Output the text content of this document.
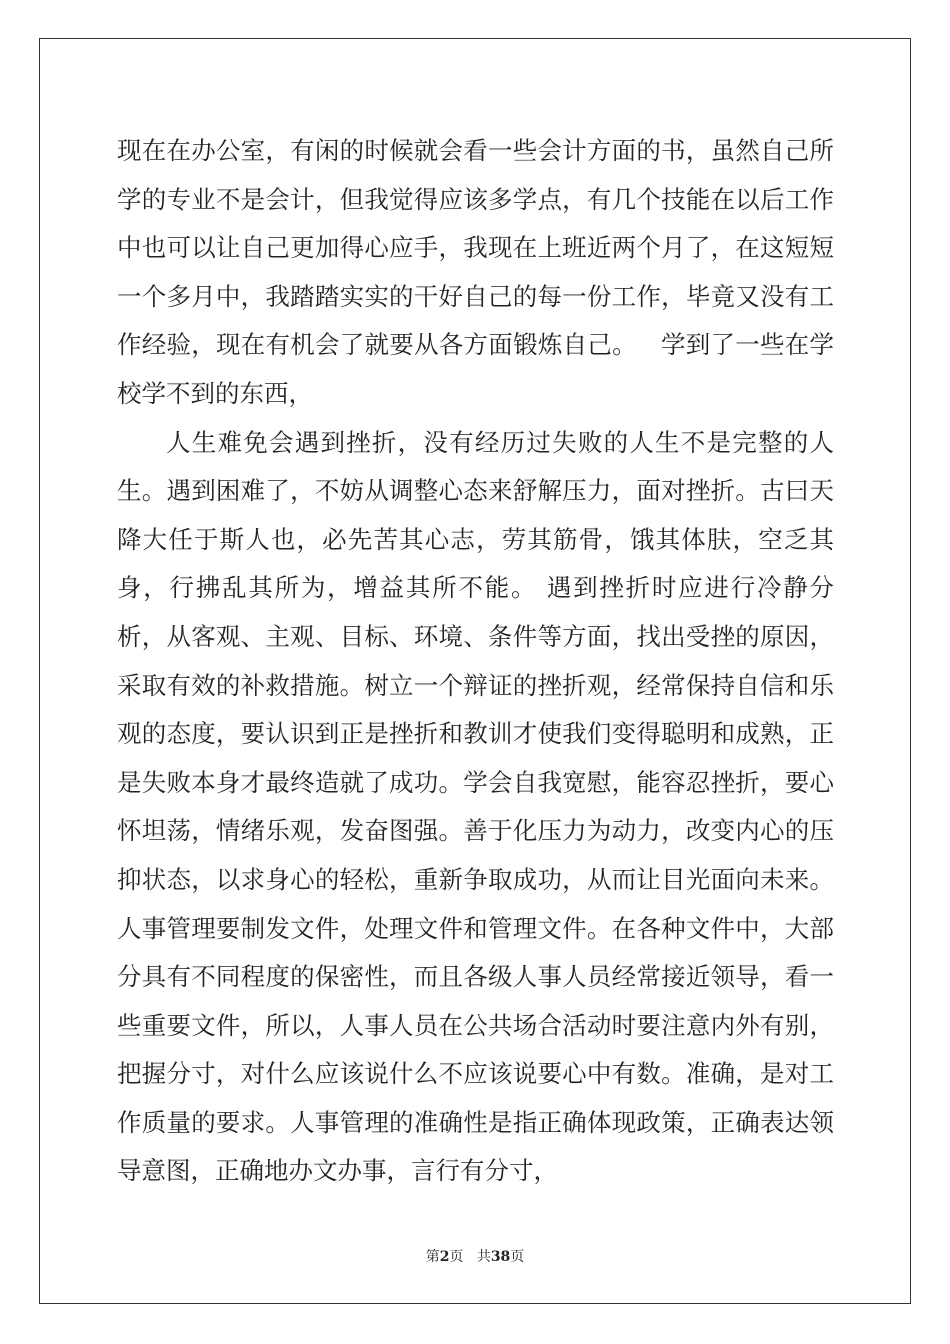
现在在办公室，有闲的时候就会看一些会计方面的书，虽然自己所学的专业不是会计，但我觉得应该多学点，有几个技能在以后工作中也可以让自己更加得心应手，我现在上班近两个月了，在这短短一个多月中，我踏踏实实的干好自己的每一份工作，毕竟又没有工作经验，现在有机会了就要从各方面锻炼自己。   学到了一些在学校学不到的东西，

人生难免会遇到挫折，没有经历过失败的人生不是完整的人生。遇到困难了，不妨从调整心态来舒解压力，面对挫折。古曰天降大任于斯人也，必先苦其心志，劳其筋骨，饿其体肤，空乏其身，行拂乱其所为，增益其所不能。 遇到挫折时应进行冷静分析，从客观、主观、目标、环境、条件等方面，找出受挫的原因，采取有效的补救措施。树立一个辩证的挫折观，经常保持自信和乐观的态度，要认识到正是挫折和教训才使我们变得聪明和成熟，正是失败本身才最终造就了成功。学会自我宽慰，能容忍挫折，要心怀坦荡，情绪乐观，发奋图强。善于化压力为动力，改变内心的压抑状态，以求身心的轻松，重新争取成功，从而让目光面向未来。人事管理要制发文件，处理文件和管理文件。在各种文件中，大部分具有不同程度的保密性，而且各级人事人员经常接近领导，看一些重要文件，所以，人事人员在公共场合活动时要注意内外有别，把握分寸，对什么应该说什么不应该说要心中有数。准确，是对工作质量的要求。人事管理的准确性是指正确体现政策，正确表达领导意图，正确地办文办事，言行有分寸，

第2页 共38页
